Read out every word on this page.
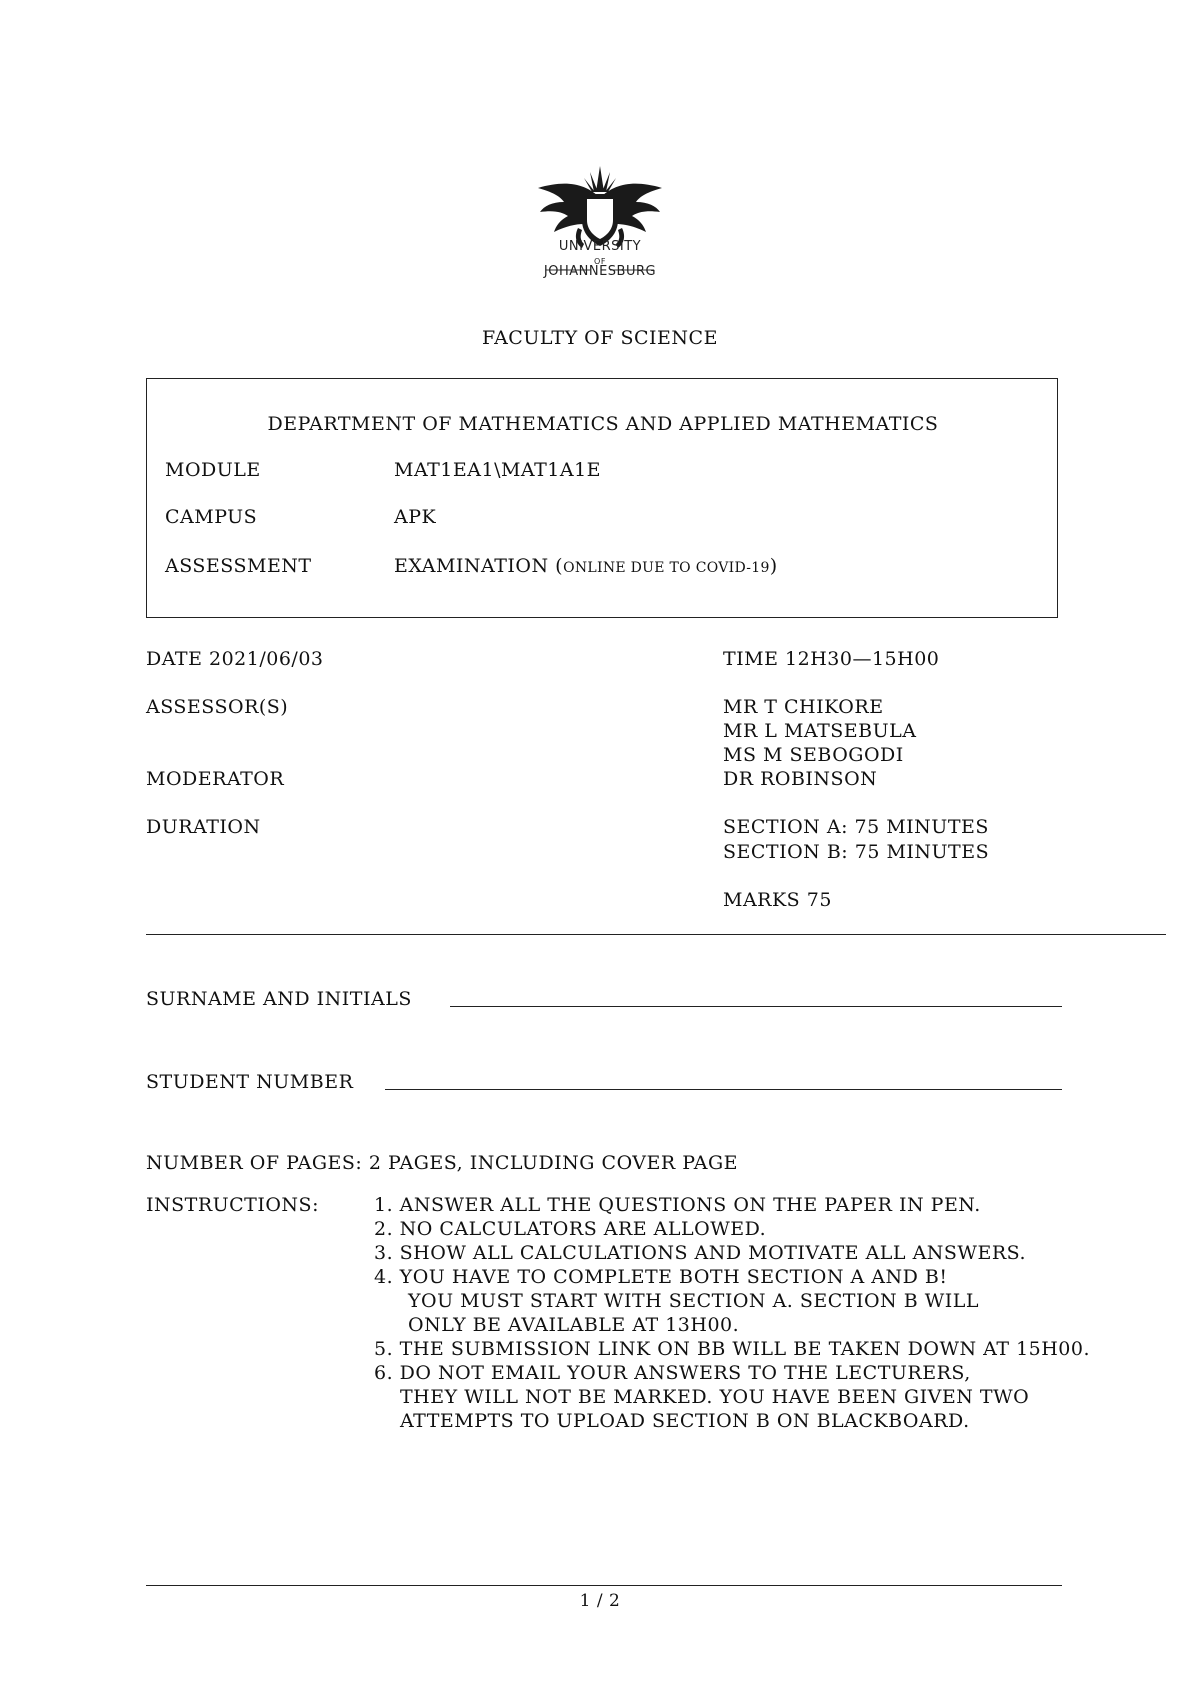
UNIVERSITY
OF
JOHANNESBURG
FACULTY OF SCIENCE
DEPARTMENT OF MATHEMATICS AND APPLIED MATHEMATICS
MODULE	MAT1EA1\MAT1A1E
CAMPUS	APK
ASSESSMENT	EXAMINATION (ONLINE DUE TO COVID-19)
DATE 2021/06/03	TIME 12H30—15H00
ASSESSOR(S)	MR T CHIKORE
MR L MATSEBULA
MS M SEBOGODI
MODERATOR	DR ROBINSON
DURATION	SECTION A: 75 MINUTES
SECTION B: 75 MINUTES
MARKS 75
SURNAME AND INITIALS
STUDENT NUMBER
NUMBER OF PAGES: 2 PAGES, INCLUDING COVER PAGE
INSTRUCTIONS:	1. ANSWER ALL THE QUESTIONS ON THE PAPER IN PEN.
2. NO CALCULATORS ARE ALLOWED.
3. SHOW ALL CALCULATIONS AND MOTIVATE ALL ANSWERS.
4. YOU HAVE TO COMPLETE BOTH SECTION A AND B!
YOU MUST START WITH SECTION A. SECTION B WILL
ONLY BE AVAILABLE AT 13H00.
5. THE SUBMISSION LINK ON BB WILL BE TAKEN DOWN AT 15H00.
6. DO NOT EMAIL YOUR ANSWERS TO THE LECTURERS,
THEY WILL NOT BE MARKED. YOU HAVE BEEN GIVEN TWO
ATTEMPTS TO UPLOAD SECTION B ON BLACKBOARD.
1 / 2
